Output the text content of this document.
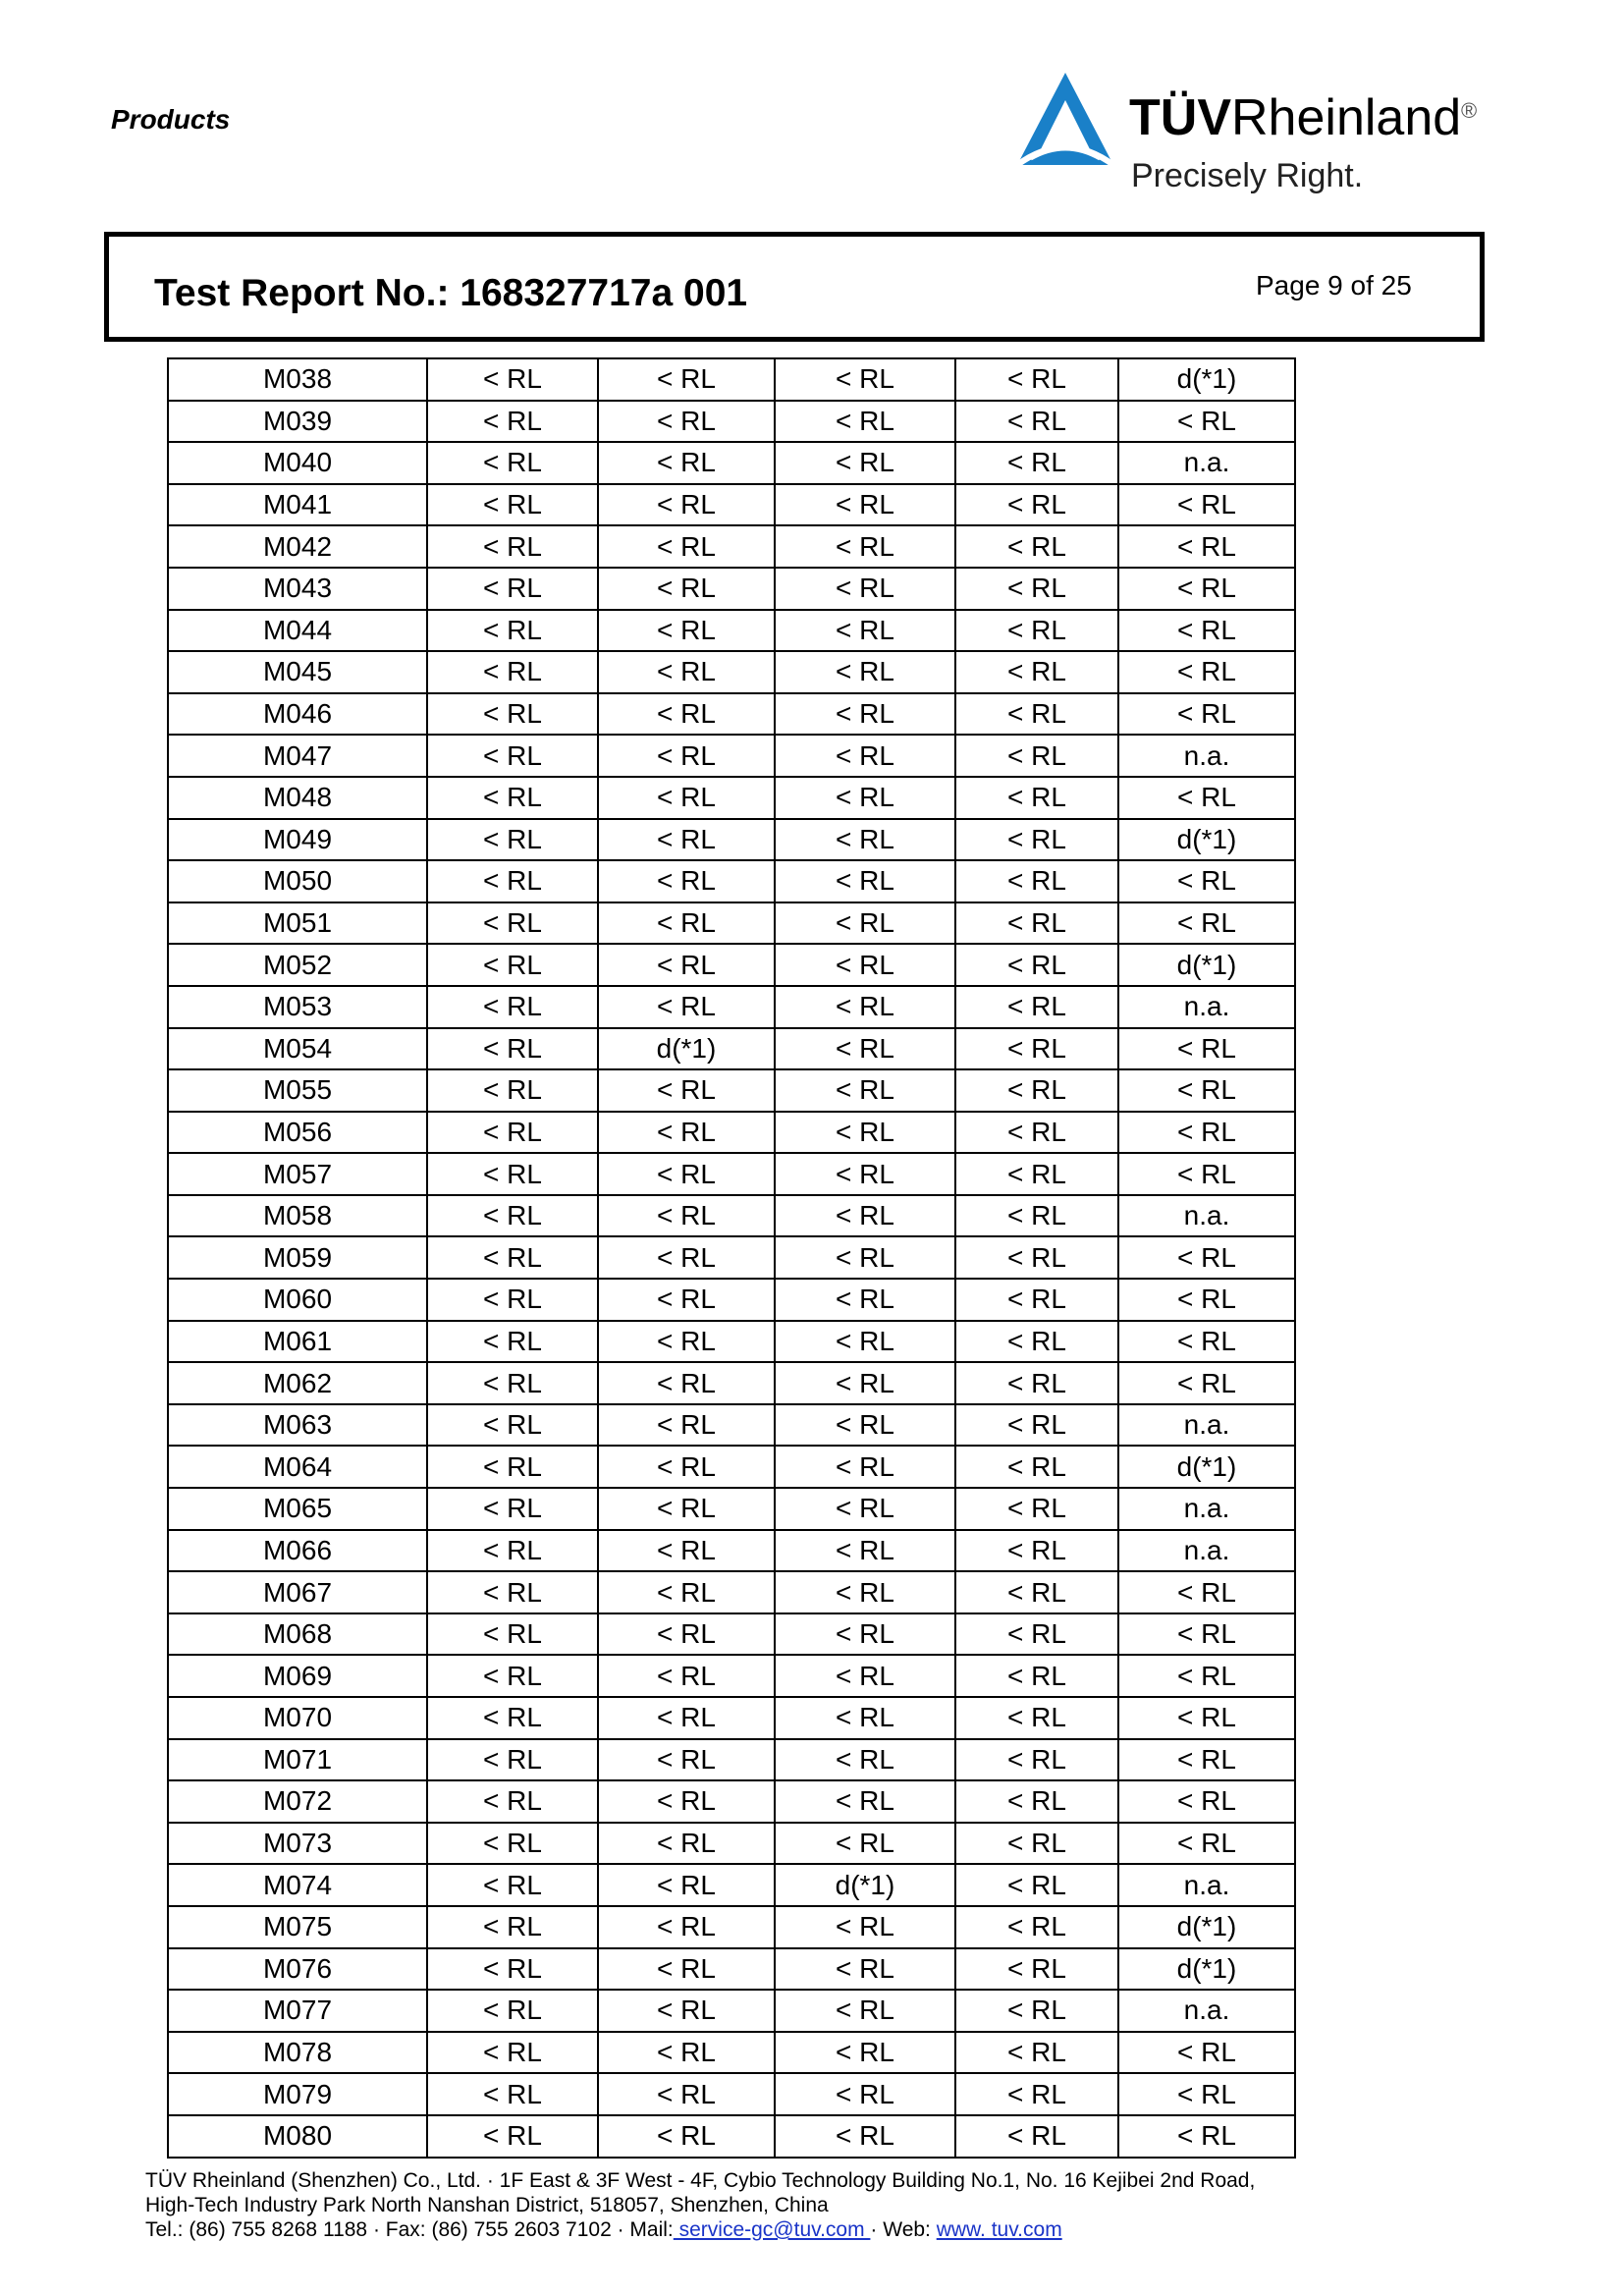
Products	TÜVRheinland ®
Precisely Right.
Test Report No.: 168327717a 001	Page 9 of 25
M038	< RL	< RL	< RL	< RL	d(*1)
M039	< RL	< RL	< RL	< RL	< RL
M040	< RL	< RL	< RL	< RL	n.a.
M041	< RL	< RL	< RL	< RL	< RL
M042	< RL	< RL	< RL	< RL	< RL
M043	< RL	< RL	< RL	< RL	< RL
M044	< RL	< RL	< RL	< RL	< RL
M045	< RL	< RL	< RL	< RL	< RL
M046	< RL	< RL	< RL	< RL	< RL
M047	< RL	< RL	< RL	< RL	n.a.
M048	< RL	< RL	< RL	< RL	< RL
M049	< RL	< RL	< RL	< RL	d(*1)
M050	< RL	< RL	< RL	< RL	< RL
M051	< RL	< RL	< RL	< RL	< RL
M052	< RL	< RL	< RL	< RL	d(*1)
M053	< RL	< RL	< RL	< RL	n.a.
M054	< RL	d(*1)	< RL	< RL	< RL
M055	< RL	< RL	< RL	< RL	< RL
M056	< RL	< RL	< RL	< RL	< RL
M057	< RL	< RL	< RL	< RL	< RL
M058	< RL	< RL	< RL	< RL	n.a.
M059	< RL	< RL	< RL	< RL	< RL
M060	< RL	< RL	< RL	< RL	< RL
M061	< RL	< RL	< RL	< RL	< RL
M062	< RL	< RL	< RL	< RL	< RL
M063	< RL	< RL	< RL	< RL	n.a.
M064	< RL	< RL	< RL	< RL	d(*1)
M065	< RL	< RL	< RL	< RL	n.a.
M066	< RL	< RL	< RL	< RL	n.a.
M067	< RL	< RL	< RL	< RL	< RL
M068	< RL	< RL	< RL	< RL	< RL
M069	< RL	< RL	< RL	< RL	< RL
M070	< RL	< RL	< RL	< RL	< RL
M071	< RL	< RL	< RL	< RL	< RL
M072	< RL	< RL	< RL	< RL	< RL
M073	< RL	< RL	< RL	< RL	< RL
M074	< RL	< RL	d(*1)	< RL	n.a.
M075	< RL	< RL	< RL	< RL	d(*1)
M076	< RL	< RL	< RL	< RL	d(*1)
M077	< RL	< RL	< RL	< RL	n.a.
M078	< RL	< RL	< RL	< RL	< RL
M079	< RL	< RL	< RL	< RL	< RL
M080	< RL	< RL	< RL	< RL	< RL
TÜV Rheinland (Shenzhen) Co., Ltd. · 1F East & 3F West - 4F, Cybio Technology Building No.1, No. 16 Kejibei 2nd Road,
High-Tech Industry Park North Nanshan District, 518057, Shenzhen, China
Tel.: (86) 755 8268 1188 · Fax: (86) 755 2603 7102 · Mail: service-gc@tuv.com · Web: www. tuv.com
